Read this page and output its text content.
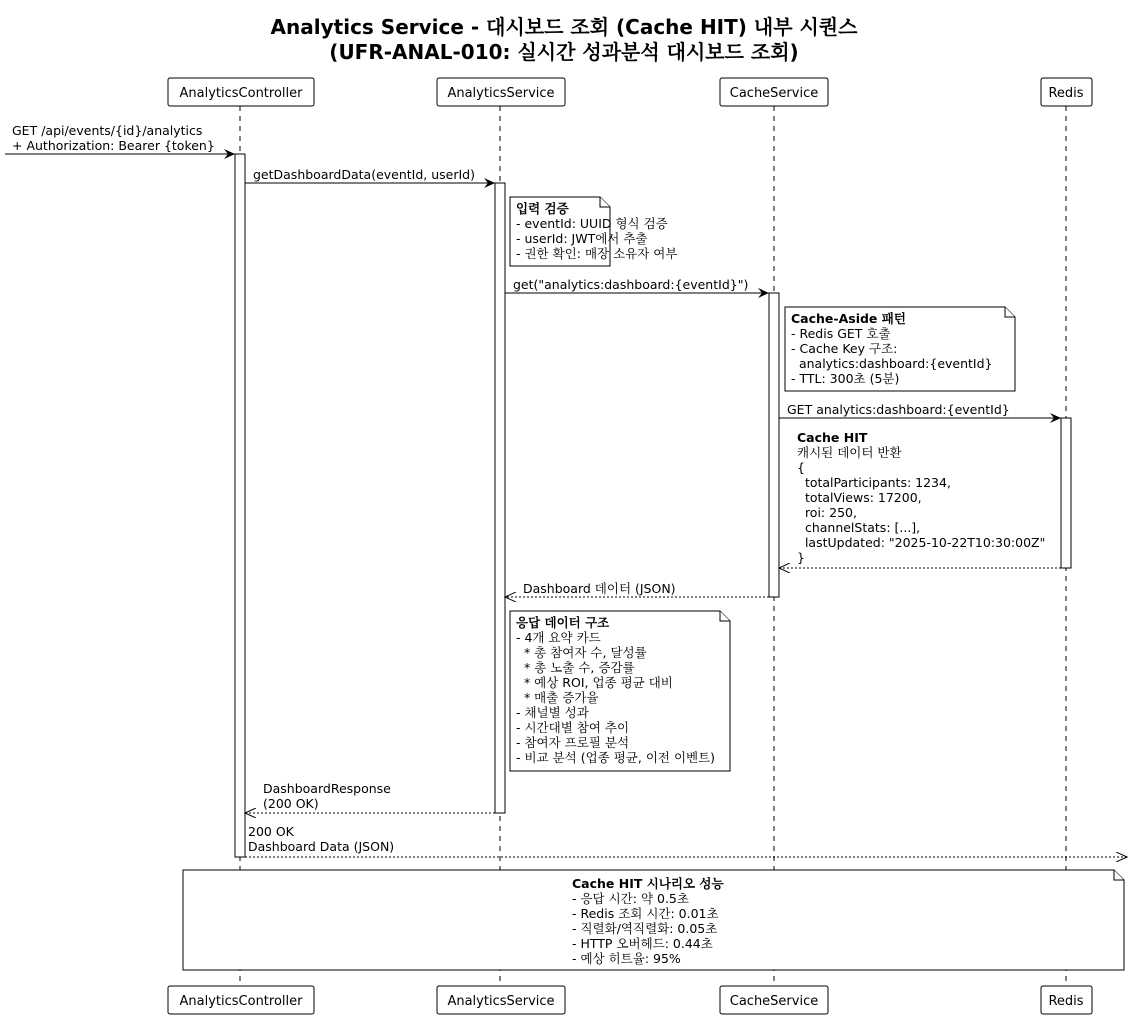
Analytics Service - 대시보드 조회 (Cache HIT) 내부 시퀀스
(UFR-ANAL-010: 실시간 성과분석 대시보드 조회)
AnalyticsController	AnalyticsService	CacheService	Redis
AnalyticsController	AnalyticsService	CacheService	Redis
GET /api/events/{id}/analytics
+ Authorization: Bearer {token}
getDashboardData(eventId, userId)
입력 검증
- eventId: UUID 형식 검증
- userId: JWT에서 추출
- 권한 확인: 매장 소유자 여부
get("analytics:dashboard:{eventId}")
Cache-Aside 패턴
- Redis GET 호출
- Cache Key 구조:
analytics:dashboard:{eventId}
- TTL: 300초 (5분)
GET analytics:dashboard:{eventId}
Cache HIT
캐시된 데이터 반환
{
totalParticipants: 1234,
totalViews: 17200,
roi: 250,
channelStats: [...],
lastUpdated: "2025-10-22T10:30:00Z"
}
Dashboard 데이터 (JSON)
응답 데이터 구조
- 4개 요약 카드
* 총 참여자 수, 달성률
* 총 노출 수, 증감률
* 예상 ROI, 업종 평균 대비
* 매출 증가율
- 채널별 성과
- 시간대별 참여 추이
- 참여자 프로필 분석
- 비교 분석 (업종 평균, 이전 이벤트)
DashboardResponse
(200 OK)
200 OK
Dashboard Data (JSON)
Cache HIT 시나리오 성능
- 응답 시간: 약 0.5초
- Redis 조회 시간: 0.01초
- 직렬화/역직렬화: 0.05초
- HTTP 오버헤드: 0.44초
- 예상 히트율: 95%
